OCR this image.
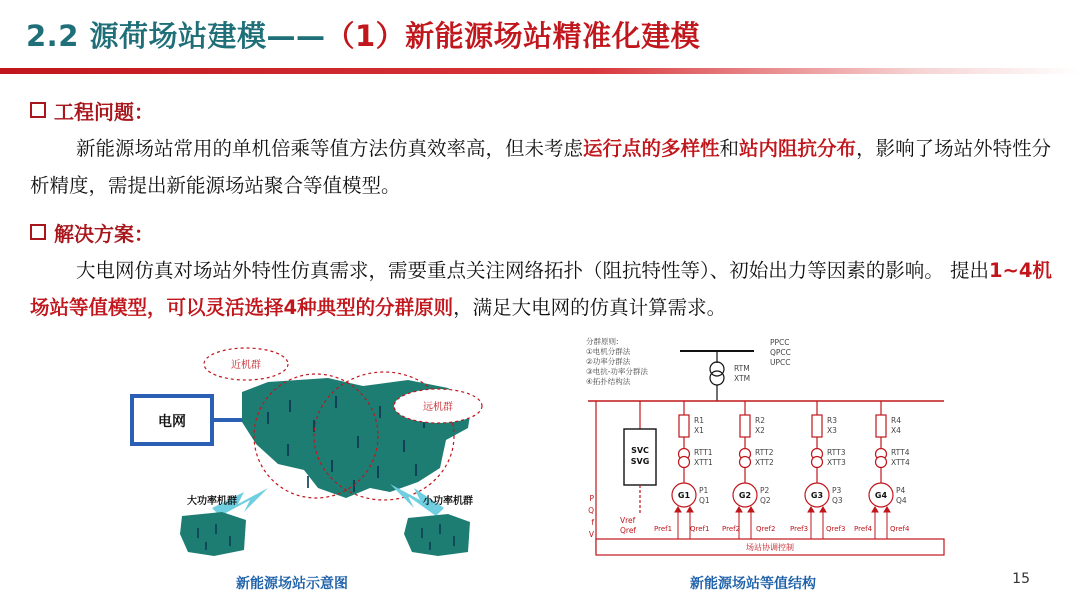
2.2 源荷场站建模——（1）新能源场站精准化建模
工程问题：
新能源场站常用的单机倍乘等值方法仿真效率高，但未考虑运行点的多样性和站内阻抗分布，影响了场站外特性分析精度，需提出新能源场站聚合等值模型。
解决方案：
大电网仿真对场站外特性仿真需求，需要重点关注网络拓扑（阻抗特性等）、初始出力等因素的影响。 提出1~4机场站等值模型，可以灵活选择4种典型的分群原则，满足大电网的仿真计算需求。
电网
近机群
远机群
大功率机群	小功率机群
新能源场站示意图
分群原则:
①电机分群法
②功率分群法
③电抗-功率分群法
④拓扑结构法
PPCC
QPCC
UPCC
RTM
XTM
P
Q
f
V
SVC
SVG
Vref
Qref
R1
X1
RTT1
XTT1
G1
P1
Q1
Pref1	Qref1
R2
X2
RTT2
XTT2
G2
P2
Q2
Pref2 Qref2
R3
X3
RTT3
XTT3
G3
P3
Q3
Pref3	Qref3
R4
X4
RTT4
XTT4
G4
P4
Q4
Pref4	Qref4
场站协调控制
新能源场站等值结构	15
